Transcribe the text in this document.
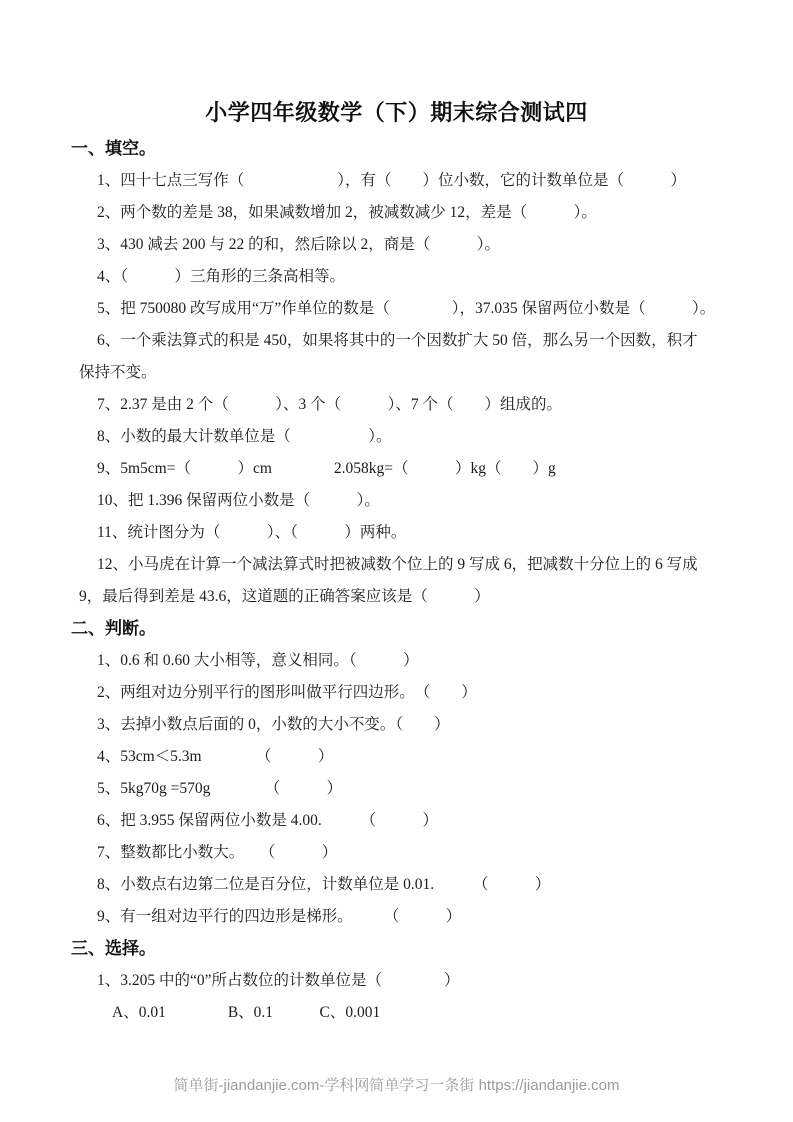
小学四年级数学（下）期末综合测试四
一、填空。

1、四十七点三写作（　　　　　　），有（　　）位小数，它的计数单位是（　　　）

2、两个数的差是 38，如果减数增加 2，被减数减少 12，差是（　　　）。

3、430 减去 200 与 22 的和，然后除以 2，商是（　　　）。

4、（　　　）三角形的三条高相等。

5、把 750080 改写成用“万”作单位的数是（　　　　），37.035 保留两位小数是（　　　）。

6、一个乘法算式的积是 450，如果将其中的一个因数扩大 50 倍，那么另一个因数，积才

保持不变。

7、2.37 是由 2 个（　　　）、3 个（　　　）、7 个（　　）组成的。

8、小数的最大计数单位是（　　　　　）。

9、5m5cm=（　　　）cm　　　　2.058kg=（　　　）kg（　　）g

10、把 1.396 保留两位小数是（　　　）。

11、统计图分为（　　　）、（　　　）两种。

12、小马虎在计算一个减法算式时把被减数个位上的 9 写成 6，把减数十分位上的 6 写成

9，最后得到差是 43.6，这道题的正确答案应该是（　　　）

二、判断。

1、0.6 和 0.60 大小相等，意义相同。（　　　）

2、两组对边分别平行的图形叫做平行四边形。　（　　）

3、去掉小数点后面的 0，小数的大小不变。（　　）

4、53cm＜5.3m　　　　（　　　）

5、5kg70g =570g　　　　（　　　）

6、把 3.955 保留两位小数是 4.00.　　　（　　　）

7、整数都比小数大。　　（　　　）

8、小数点右边第二位是百分位，计数单位是 0.01.　　　（　　　）

9、有一组对边平行的四边形是梯形。　　　（　　　）

三、选择。

1、3.205 中的“0”所占数位的计数单位是（　　　　）

A、0.01　　　　B、0.1　　　C、0.001

简单街-jiandanjie.com-学科网简单学习一条街 https://jiandanjie.com
